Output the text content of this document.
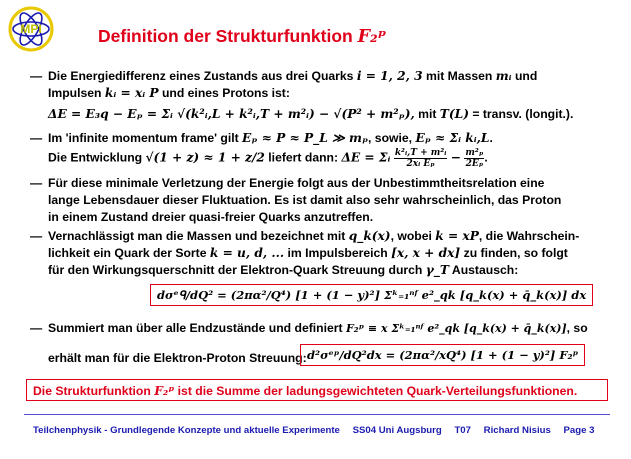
MPI	Definition der Strukturfunktion F₂ᵖ
— Die Energiedifferenz eines Zustands aus drei Quarks i = 1, 2, 3 mit Massen mᵢ und
Impulsen kᵢ = xᵢ P und eines Protons ist:
ΔE = E₃q − Eₚ = Σᵢ √(k²ᵢ,L + k²ᵢ,T + m²ᵢ) − √(P² + m²ₚ), mit T(L) = transv. (longit.).
— Im 'infinite momentum frame' gilt Eₚ ≈ P ≈ P_L ≫ mₚ, sowie, Eₚ ≈ Σᵢ kᵢ,L.
Die Entwicklung √(1 + z) ≈ 1 + z/2 liefert dann: ΔE = Σᵢ $\frac{\text{k²ᵢ,T + m²ᵢ}}{\text{2xᵢ Eₚ}} - \frac{\text{m²ₚ}}{\text{2Eₚ}}$ .
— Für diese minimale Verletzung der Energie folgt aus der Unbestimmtheitsrelation eine
lange Lebensdauer dieser Fluktuation. Es ist damit also sehr wahrscheinlich, das Proton
in einem Zustand dreier quasi-freier Quarks anzutreffen.
— Vernachlässigt man die Massen und bezeichnet mit q_k(x), wobei k = xP, die Wahrschein-
lichkeit ein Quark der Sorte k = u, d, ... im Impulsbereich [x, x + dx] zu finden, so folgt
für den Wirkungsquerschnitt der Elektron-Quark Streuung durch γ_T Austausch:
dσᵉᑫ/dQ² = (2πα²/Q⁴) [1 + (1 − y)²] Σᵏ₌₁ⁿᶠ e²_qk [q_k(x) + q̄_k(x)] dx
— Summiert man über alle Endzustände und definiert F₂ᵖ ≡ x Σᵏ₌₁ⁿᶠ e²_qk [q_k(x) + q̄_k(x)], so
erhält man für die Elektron-Proton Streuung: d²σᵉᵖ/dQ²dx = (2πα²/xQ⁴) [1 + (1 − y)²] F₂ᵖ
Die Strukturfunktion F₂ᵖ ist die Summe der ladungsgewichteten Quark-Verteilungsfunktionen.
Teilchenphysik - Grundlegende Konzepte und aktuelle Experimente SS04 Uni Augsburg T07 Richard Nisius Page 3
